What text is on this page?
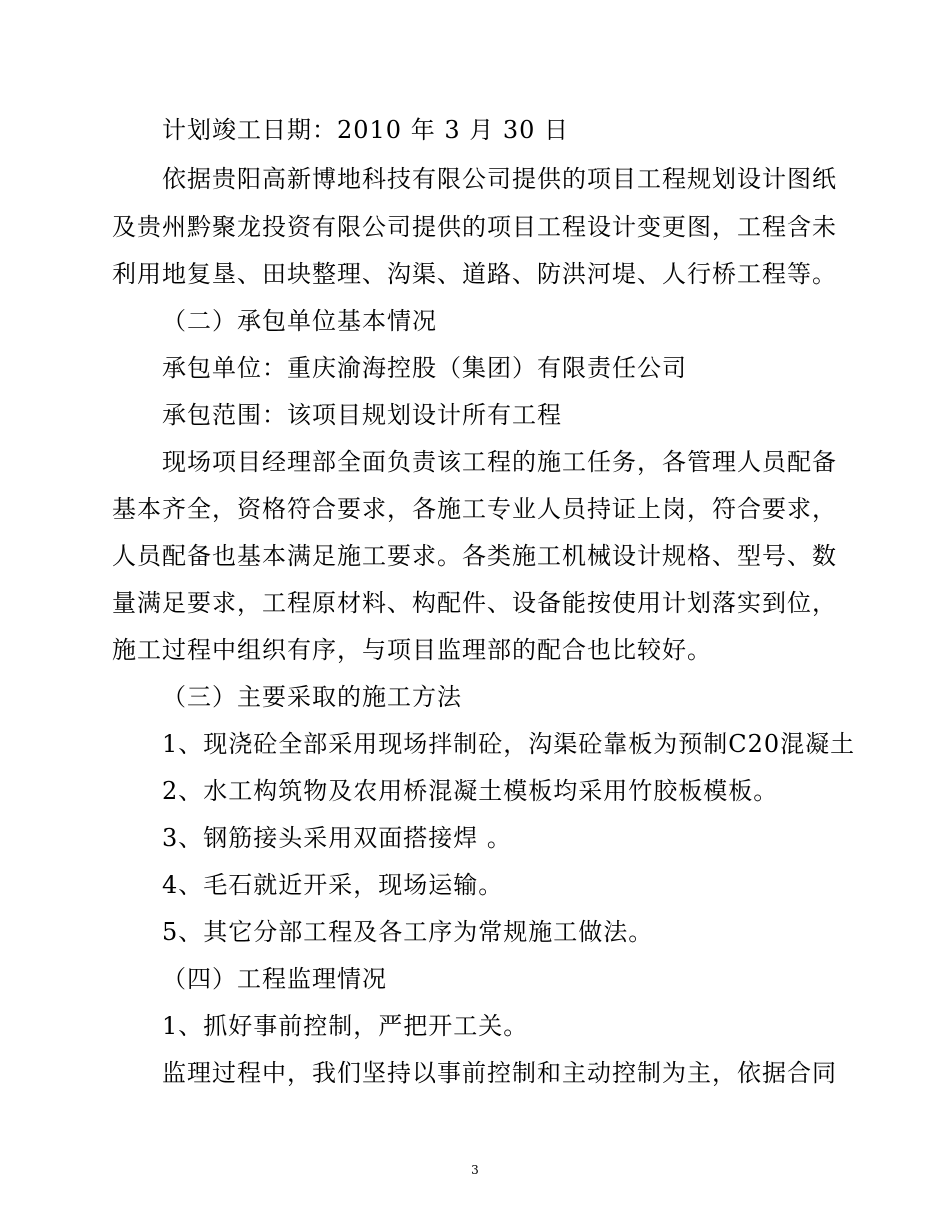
计划竣工日期：2010 年 3 月 30 日
依据贵阳高新博地科技有限公司提供的项目工程规划设计图纸
及贵州黔聚龙投资有限公司提供的项目工程设计变更图，工程含未
利用地复垦、田块整理、沟渠、道路、防洪河堤、人行桥工程等。
（二）承包单位基本情况
承包单位：重庆渝海控股（集团）有限责任公司
承包范围：该项目规划设计所有工程
现场项目经理部全面负责该工程的施工任务，各管理人员配备
基本齐全，资格符合要求，各施工专业人员持证上岗，符合要求，
人员配备也基本满足施工要求。各类施工机械设计规格、型号、数
量满足要求，工程原材料、构配件、设备能按使用计划落实到位，
施工过程中组织有序，与项目监理部的配合也比较好。
（三）主要采取的施工方法
1、现浇砼全部采用现场拌制砼，沟渠砼靠板为预制C20混凝土
2、水工构筑物及农用桥混凝土模板均采用竹胶板模板。
3、钢筋接头采用双面搭接焊 。
4、毛石就近开采，现场运输。
5、其它分部工程及各工序为常规施工做法。
（四）工程监理情况
1、抓好事前控制，严把开工关。
监理过程中，我们坚持以事前控制和主动控制为主，依据合同
3
